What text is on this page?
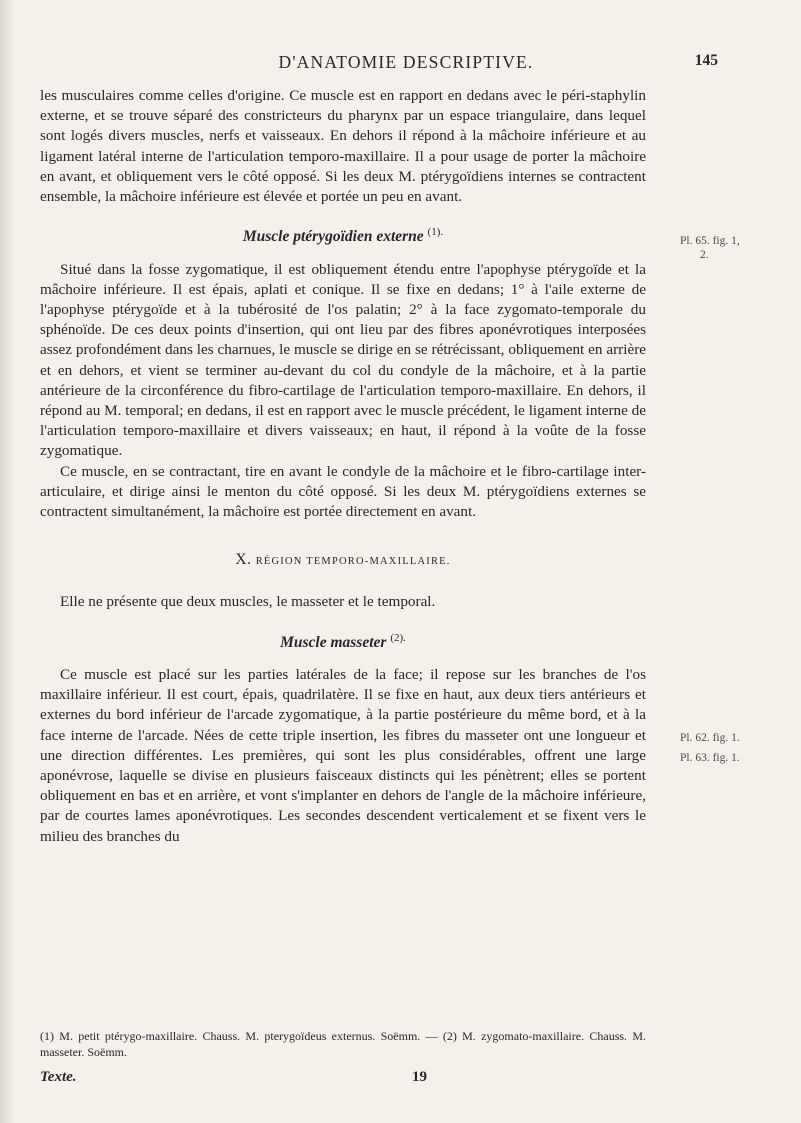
D'ANATOMIE DESCRIPTIVE.	145

les musculaires comme celles d'origine. Ce muscle est en rapport en dedans avec le péri-staphylin externe, et se trouve séparé des constricteurs du pharynx par un espace triangulaire, dans lequel sont logés divers muscles, nerfs et vaisseaux. En dehors il répond à la mâchoire inférieure et au ligament latéral interne de l'articulation temporo-maxillaire. Il a pour usage de porter la mâchoire en avant, et obliquement vers le côté opposé. Si les deux M. ptérygoïdiens internes se contractent ensemble, la mâchoire inférieure est élevée et portée un peu en avant.

Muscle ptérygoïdien externe $^{(1).}$

Situé dans la fosse zygomatique, il est obliquement étendu entre l'apophyse ptérygoïde et la mâchoire inférieure. Il est épais, aplati et conique. Il se fixe en dedans; 1° à l'aile externe de l'apophyse ptérygoïde et à la tubérosité de l'os palatin; 2° à la face zygomato-temporale du sphénoïde. De ces deux points d'insertion, qui ont lieu par des fibres aponévrotiques interposées assez profondément dans les charnues, le muscle se dirige en se rétrécissant, obliquement en arrière et en dehors, et vient se terminer au-devant du col du condyle de la mâchoire, et à la partie antérieure de la circonférence du fibro-cartilage de l'articulation temporo-maxillaire. En dehors, il répond au M. temporal; en dedans, il est en rapport avec le muscle précédent, le ligament interne de l'articulation temporo-maxillaire et divers vaisseaux; en haut, il répond à la voûte de la fosse zygomatique.

Ce muscle, en se contractant, tire en avant le condyle de la mâchoire et le fibro-cartilage inter-articulaire, et dirige ainsi le menton du côté opposé. Si les deux M. ptérygoïdiens externes se contractent simultanément, la mâchoire est portée directement en avant.

X. RÉGION TEMPORO-MAXILLAIRE.

Elle ne présente que deux muscles, le masseter et le temporal.

Muscle masseter $^{(2).}$

Ce muscle est placé sur les parties latérales de la face; il repose sur les branches de l'os maxillaire inférieur. Il est court, épais, quadrilatère. Il se fixe en haut, aux deux tiers antérieurs et externes du bord inférieur de l'arcade zygomatique, à la partie postérieure du même bord, et à la face interne de l'arcade. Nées de cette triple insertion, les fibres du masseter ont une longueur et une direction différentes. Les premières, qui sont les plus considérables, offrent une large aponévrose, laquelle se divise en plusieurs faisceaux distincts qui les pénètrent; elles se portent obliquement en bas et en arrière, et vont s'implanter en dehors de l'angle de la mâchoire inférieure, par de courtes lames aponévrotiques. Les secondes descendent verticalement et se fixent vers le milieu des branches du

Pl. 65. fig. 1,
2.
Pl. 62. fig. 1.
Pl. 63. fig. 1.

(1) M. petit ptérygo-maxillaire. Chauss. M. pterygoïdeus externus. Soëmm. — (2) M. zygomato-maxillaire. Chauss. M. masseter. Soëmm.

Texte.	19
